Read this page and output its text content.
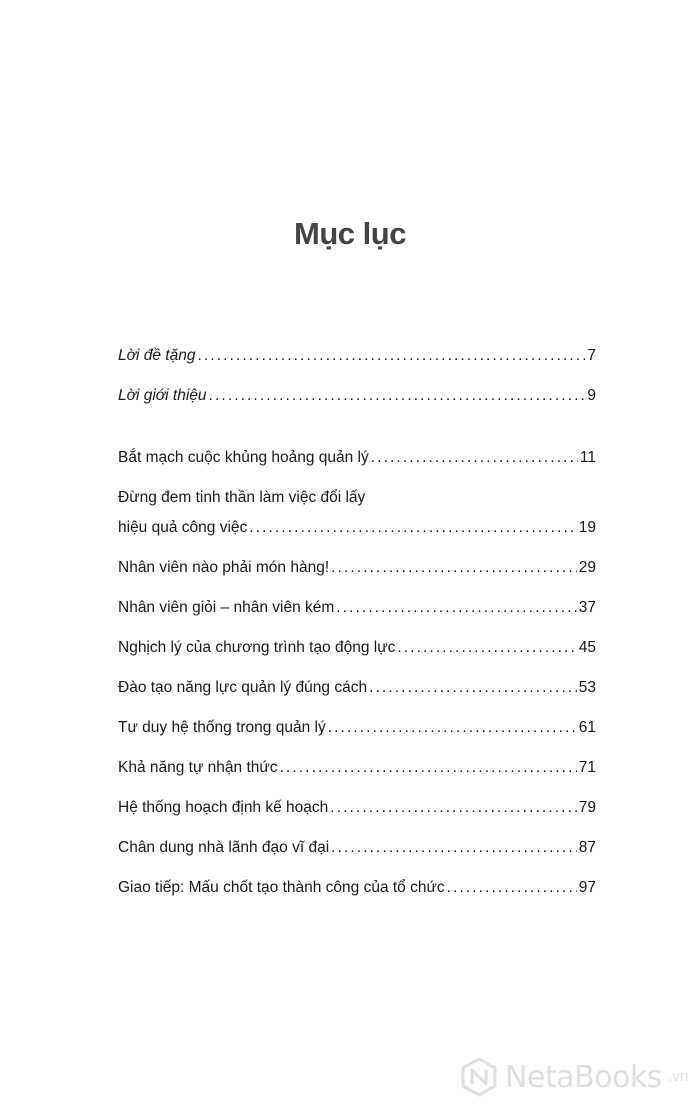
Mục lục
Lời đề tặng . . .	7
Lời giới thiệu . . .	9
Bắt mạch cuộc khủng hoảng quản lý . . .	11
Đừng đem tinh thần làm việc đổi lấy
hiệu quả công việc . . .	19
Nhân viên nào phải món hàng! . . .	29
Nhân viên giỏi – nhân viên kém . . .	37
Nghịch lý của chương trình tạo động lực . . .	45
Đào tạo năng lực quản lý đúng cách . . .	53
Tư duy hệ thống trong quản lý . . .	61
Khả năng tự nhận thức . . .	71
Hệ thống hoạch định kế hoạch . . .	79
Chân dung nhà lãnh đạo vĩ đại . . .	87
Giao tiếp: Mấu chốt tạo thành công của tổ chức . . .	97
NetaBooks .vn
